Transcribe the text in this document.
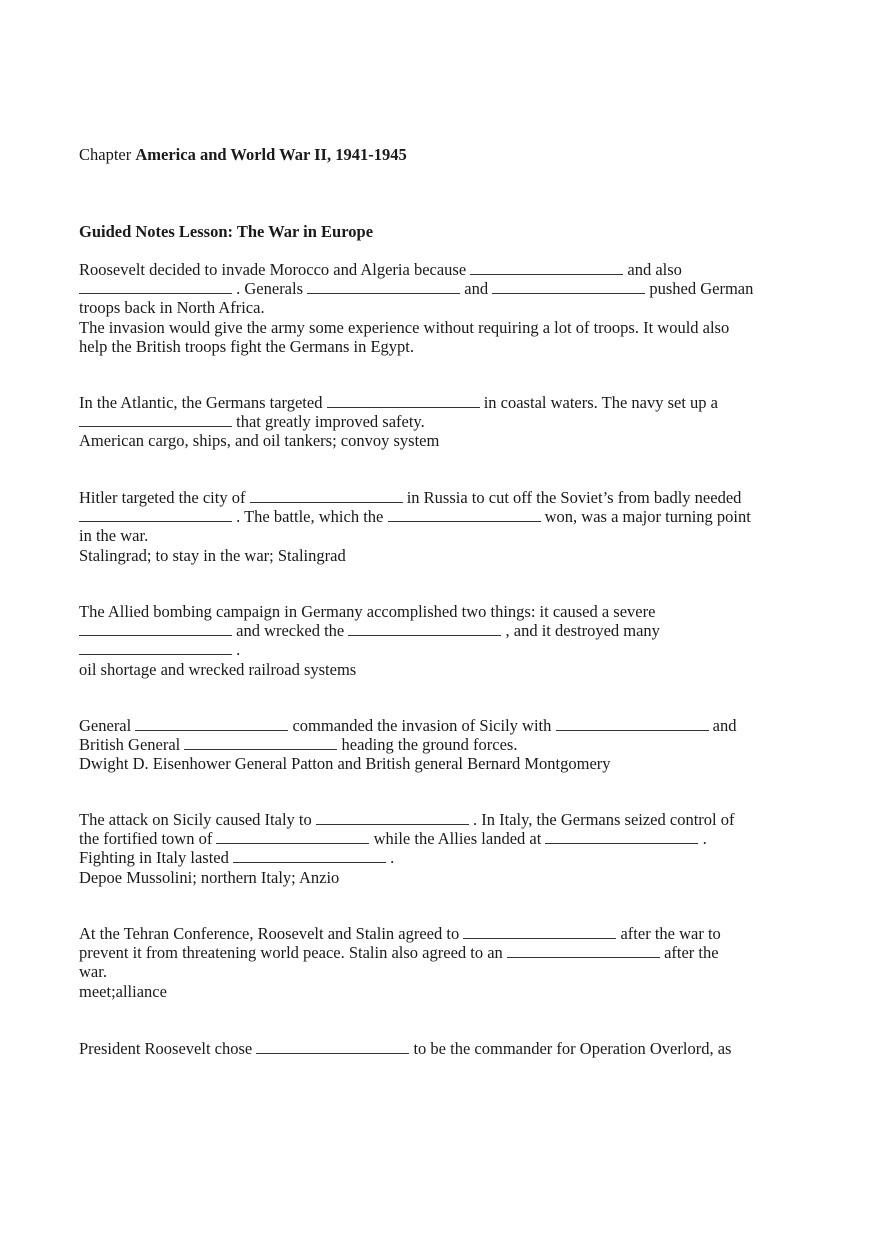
Chapter America and World War II, 1941-1945
Guided Notes Lesson: The War in Europe
Roosevelt decided to invade Morocco and Algeria because	and also
. Generals	and	pushed German
troops back in North Africa.
The invasion would give the army some experience without requiring a lot of troops. It would also
help the British troops fight the Germans in Egypt.
In the Atlantic, the Germans targeted	in coastal waters. The navy set up a
that greatly improved safety.
American cargo, ships, and oil tankers; convoy system
Hitler targeted the city of	in Russia to cut off the Soviet’s from badly needed
. The battle, which the	won, was a major turning point
in the war.
Stalingrad; to stay in the war; Stalingrad
The Allied bombing campaign in Germany accomplished two things: it caused a severe
and wrecked the	, and it destroyed many
.
oil shortage and wrecked railroad systems
General	commanded the invasion of Sicily with	and
British General	heading the ground forces.
Dwight D. Eisenhower General Patton and British general Bernard Montgomery
The attack on Sicily caused Italy to	. In Italy, the Germans seized control of
the fortified town of	while the Allies landed at	.
Fighting in Italy lasted	.
Depoe Mussolini; northern Italy; Anzio
At the Tehran Conference, Roosevelt and Stalin agreed to	after the war to
prevent it from threatening world peace. Stalin also agreed to an	after the
war.
meet;alliance
President Roosevelt chose	to be the commander for Operation Overlord, as
